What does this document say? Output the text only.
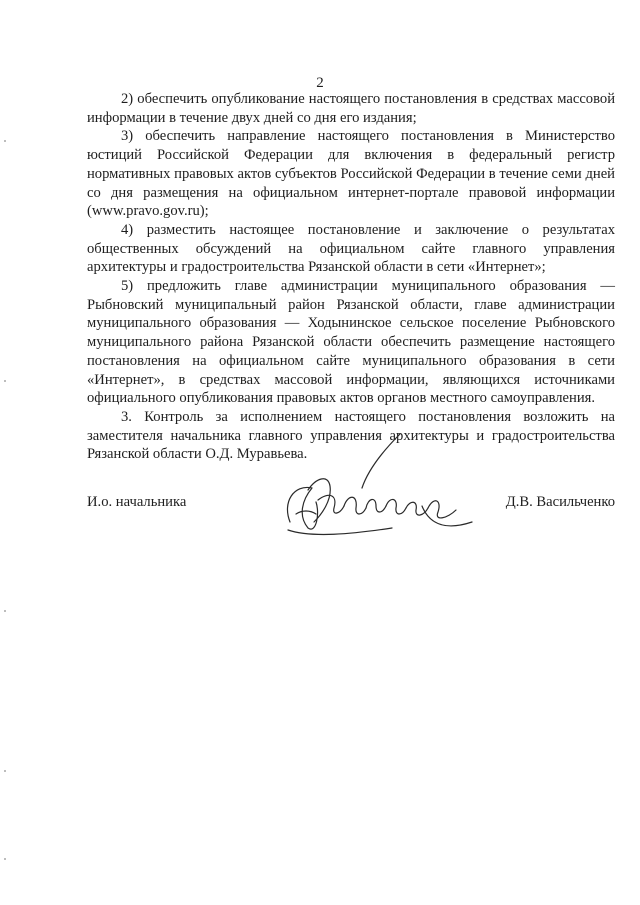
2

2) обеспечить опубликование настоящего постановления в средствах массовой информации в течение двух дней со дня его издания;

3) обеспечить направление настоящего постановления в Министерство юстиций Российской Федерации для включения в федеральный регистр нормативных правовых актов субъектов Российской Федерации в течение семи дней со дня размещения на официальном интернет-портале правовой информации (www.pravo.gov.ru);

4) разместить настоящее постановление и заключение о результатах общественных обсуждений на официальном сайте главного управления архитектуры и градостроительства Рязанской области в сети «Интернет»;

5) предложить главе администрации муниципального образования — Рыбновский муниципальный район Рязанской области, главе администрации муниципального образования — Ходынинское сельское поселение Рыбновского муниципального района Рязанской области обеспечить размещение настоящего постановления на официальном сайте муниципального образования в сети «Интернет», в средствах массовой информации, являющихся источниками официального опубликования правовых актов органов местного самоуправления.

3. Контроль за исполнением настоящего постановления возложить на заместителя начальника главного управления архитектуры и градостроительства Рязанской области О.Д. Муравьева.

И.о. начальника	Д.В. Васильченко
